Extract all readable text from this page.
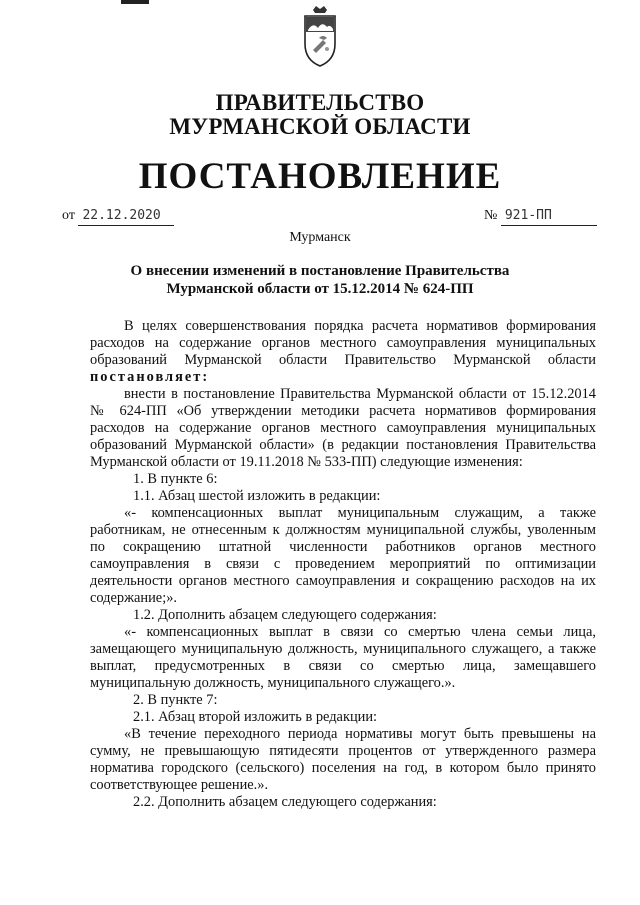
ПРАВИТЕЛЬСТВО
МУРМАНСКОЙ ОБЛАСТИ
ПОСТАНОВЛЕНИЕ
от 22.12.2020	№ 921-ПП
Мурманск
О внесении изменений в постановление Правительства
Мурманской области от 15.12.2014 № 624-ПП

В целях совершенствования порядка расчета нормативов формирования расходов на содержание органов местного самоуправления муниципальных образований Мурманской области Правительство Мурманской области постановляет:

внести в постановление Правительства Мурманской области от 15.12.2014 № 624-ПП «Об утверждении методики расчета нормативов формирования расходов на содержание органов местного самоуправления муниципальных образований Мурманской области» (в редакции постановления Правительства Мурманской области от 19.11.2018 № 533-ПП) следующие изменения:

1. В пункте 6:

1.1. Абзац шестой изложить в редакции:

«- компенсационных выплат муниципальным служащим, а также работникам, не отнесенным к должностям муниципальной службы, уволенным по сокращению штатной численности работников органов местного самоуправления в связи с проведением мероприятий по оптимизации деятельности органов местного самоуправления и сокращению расходов на их содержание;».

1.2. Дополнить абзацем следующего содержания:

«- компенсационных выплат в связи со смертью члена семьи лица, замещающего муниципальную должность, муниципального служащего, а также выплат, предусмотренных в связи со смертью лица, замещавшего муниципальную должность, муниципального служащего.».

2. В пункте 7:

2.1. Абзац второй изложить в редакции:

«В течение переходного периода нормативы могут быть превышены на сумму, не превышающую пятидесяти процентов от утвержденного размера норматива городского (сельского) поселения на год, в котором было принято соответствующее решение.».

2.2. Дополнить абзацем следующего содержания:
